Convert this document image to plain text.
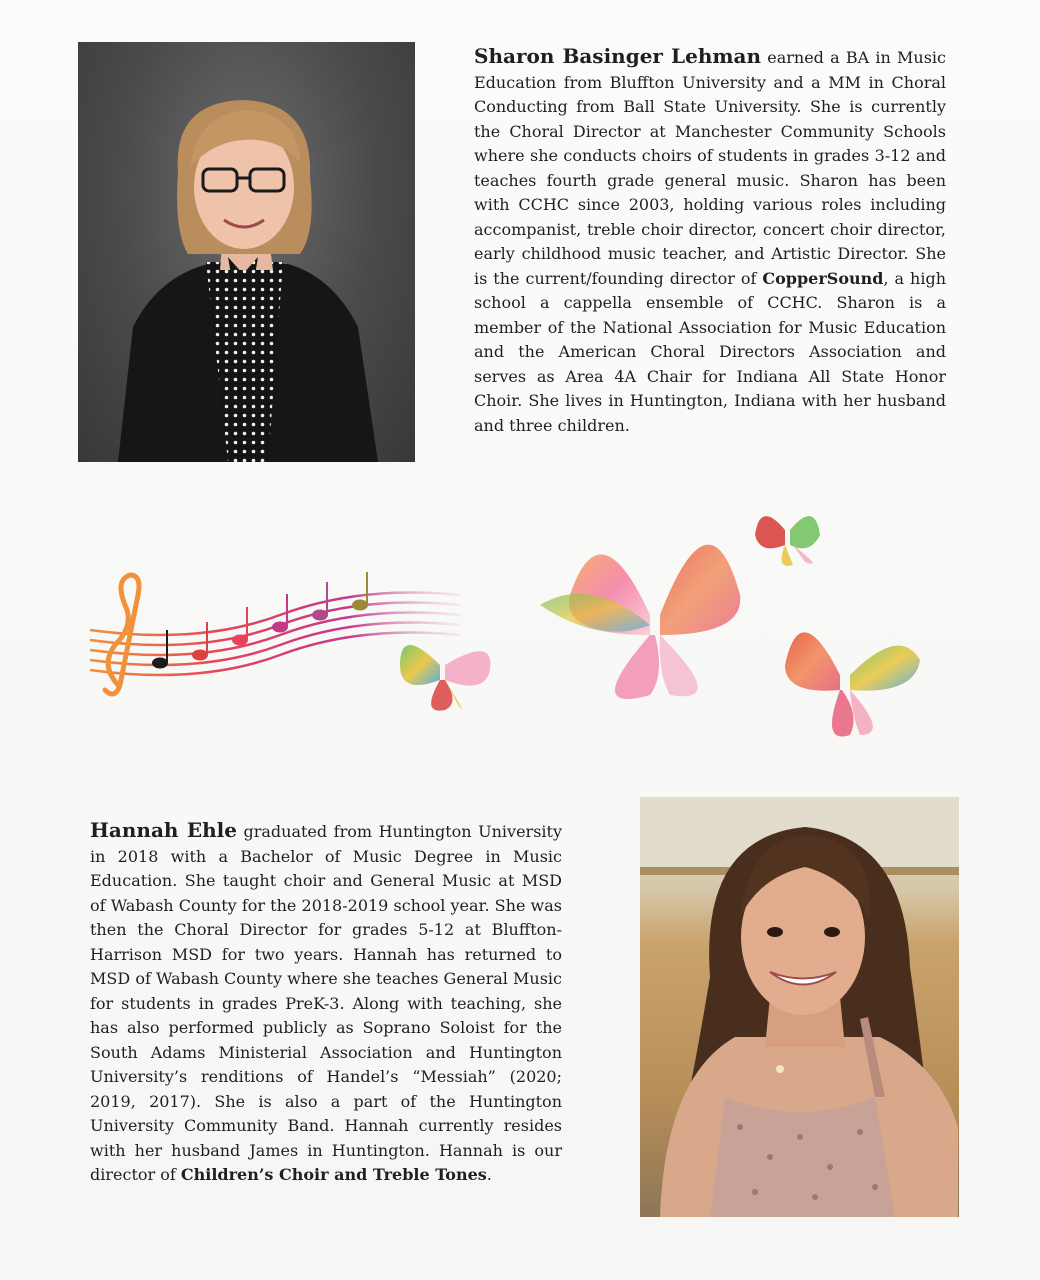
Sharon Basinger Lehman earned a BA in Music Education from Bluffton University and a MM in Choral Conducting from Ball State University. She is currently the Choral Director at Manchester Community Schools where she conducts choirs of students in grades 3-12 and teaches fourth grade general music. Sharon has been with CCHC since 2003, holding various roles including accompanist, treble choir director, concert choir director, early childhood music teacher, and Artistic Director. She is the current/founding director of CopperSound, a high school a cappella ensemble of CCHC. Sharon is a member of the National Association for Music Education and the American Choral Directors Association and serves as Area 4A Chair for Indiana All State Honor Choir. She lives in Huntington, Indiana with her husband and three children.
Hannah Ehle graduated from Huntington University in 2018 with a Bachelor of Music Degree in Music Education. She taught choir and General Music at MSD of Wabash County for the 2018-2019 school year. She was then the Choral Director for grades 5-12 at Bluffton-Harrison MSD for two years. Hannah has returned to MSD of Wabash County where she teaches General Music for students in grades PreK-3. Along with teaching, she has also performed publicly as Soprano Soloist for the South Adams Ministerial Association and Huntington University’s renditions of Handel’s “Messiah” (2020; 2019, 2017). She is also a part of the Huntington University Community Band. Hannah currently resides with her husband James in Huntington. Hannah is our director of Children’s Choir and Treble Tones.
